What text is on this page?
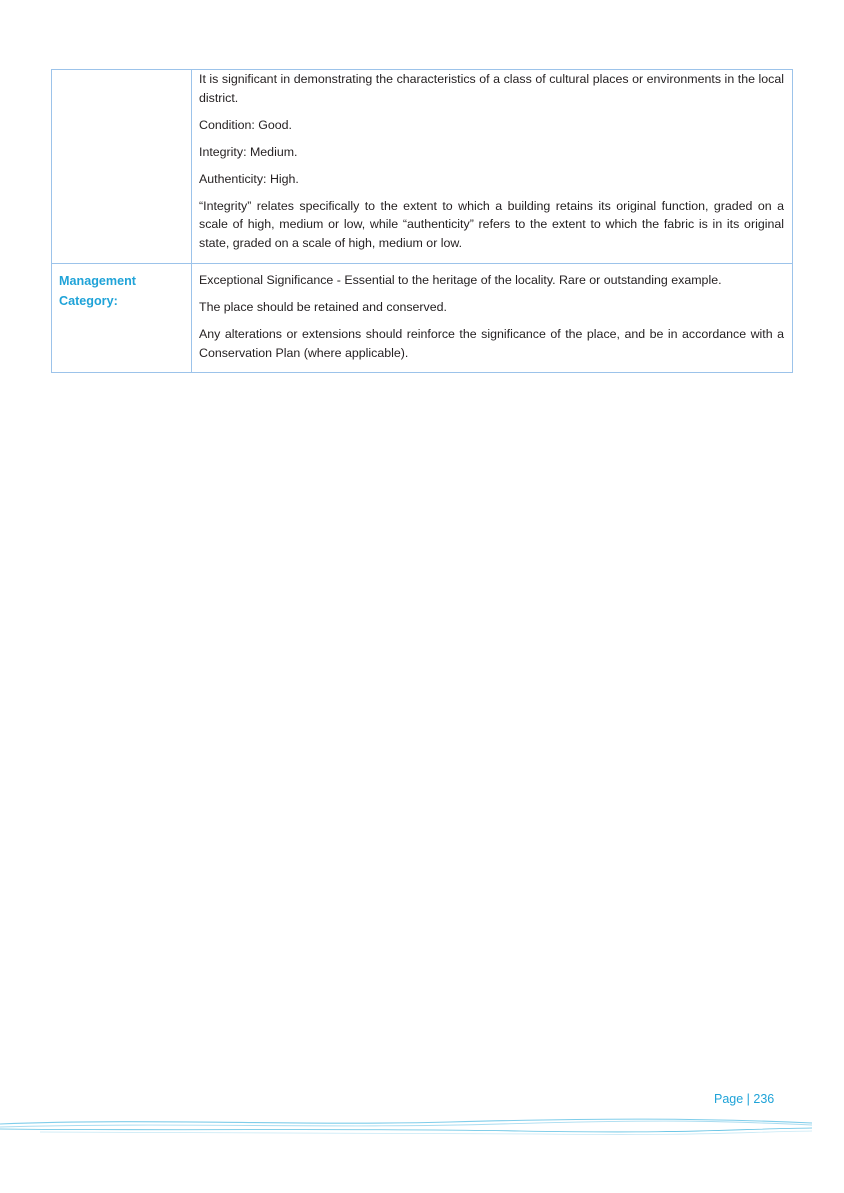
	It is significant in demonstrating the characteristics of a class of cultural places or environments in the local district.

Condition: Good.

Integrity: Medium.

Authenticity: High.

“Integrity” relates specifically to the extent to which a building retains its original function, graded on a scale of high, medium or low, while “authenticity” refers to the extent to which the fabric is in its original state, graded on a scale of high, medium or low.

Management Category:	Exceptional Significance - Essential to the heritage of the locality. Rare or outstanding example.

The place should be retained and conserved.

Any alterations or extensions should reinforce the significance of the place, and be in accordance with a Conservation Plan (where applicable).

Page | 236
